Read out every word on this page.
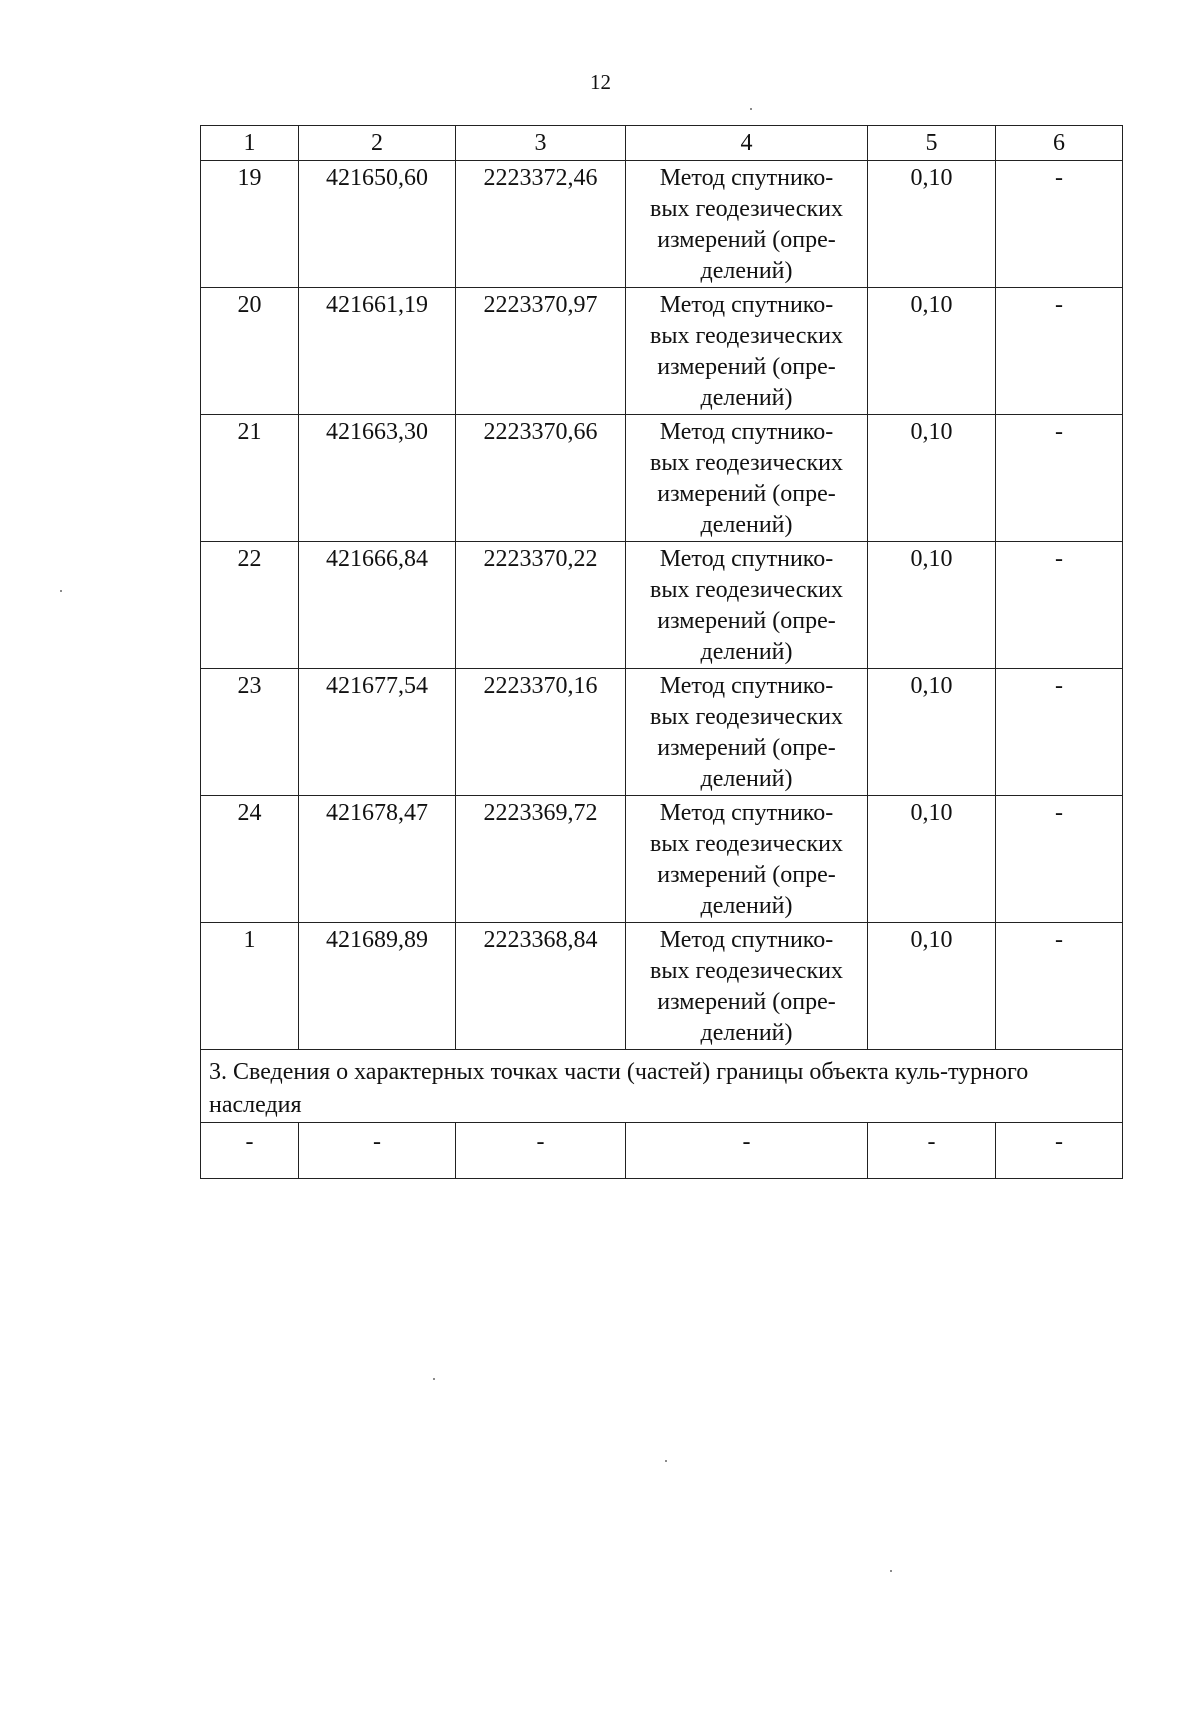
12
1	2	3	4	5	6
19	421650,60	2223372,46	Метод спутнико-
вых геодезических
измерений (опре-
делений)	0,10	-
20	421661,19	2223370,97	Метод спутнико-
вых геодезических
измерений (опре-
делений)	0,10	-
21	421663,30	2223370,66	Метод спутнико-
вых геодезических
измерений (опре-
делений)	0,10	-
22	421666,84	2223370,22	Метод спутнико-
вых геодезических
измерений (опре-
делений)	0,10	-
23	421677,54	2223370,16	Метод спутнико-
вых геодезических
измерений (опре-
делений)	0,10	-
24	421678,47	2223369,72	Метод спутнико-
вых геодезических
измерений (опре-
делений)	0,10	-
1	421689,89	2223368,84	Метод спутнико-
вых геодезических
измерений (опре-
делений)	0,10	-
3. Сведения о характерных точках части (частей) границы объекта куль-турного наследия					
-	-	-	-	-	-
